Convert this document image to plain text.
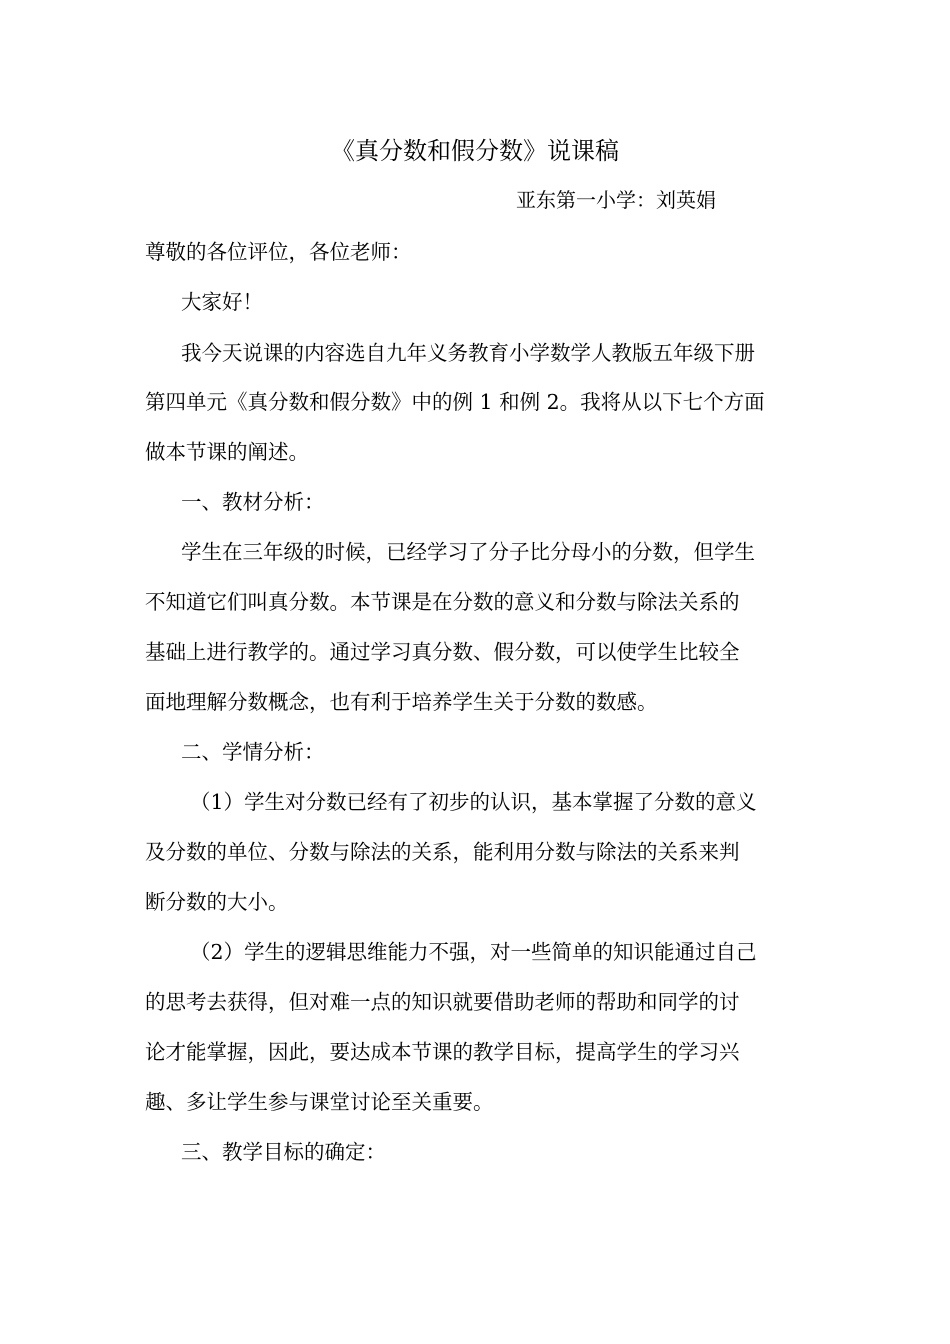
《真分数和假分数》说课稿
亚东第一小学：刘英娟
尊敬的各位评位，各位老师：
大家好！
我今天说课的内容选自九年义务教育小学数学人教版五年级下册
第四单元《真分数和假分数》中的例 1 和例 2。我将从以下七个方面
做本节课的阐述。
一、教材分析：
学生在三年级的时候，已经学习了分子比分母小的分数，但学生
不知道它们叫真分数。本节课是在分数的意义和分数与除法关系的
基础上进行教学的。通过学习真分数、假分数，可以使学生比较全
面地理解分数概念，也有利于培养学生关于分数的数感。
二、学情分析：
（1）学生对分数已经有了初步的认识，基本掌握了分数的意义
及分数的单位、分数与除法的关系，能利用分数与除法的关系来判
断分数的大小。
（2）学生的逻辑思维能力不强，对一些简单的知识能通过自己
的思考去获得，但对难一点的知识就要借助老师的帮助和同学的讨
论才能掌握，因此，要达成本节课的教学目标，提高学生的学习兴
趣、多让学生参与课堂讨论至关重要。
三、教学目标的确定：
